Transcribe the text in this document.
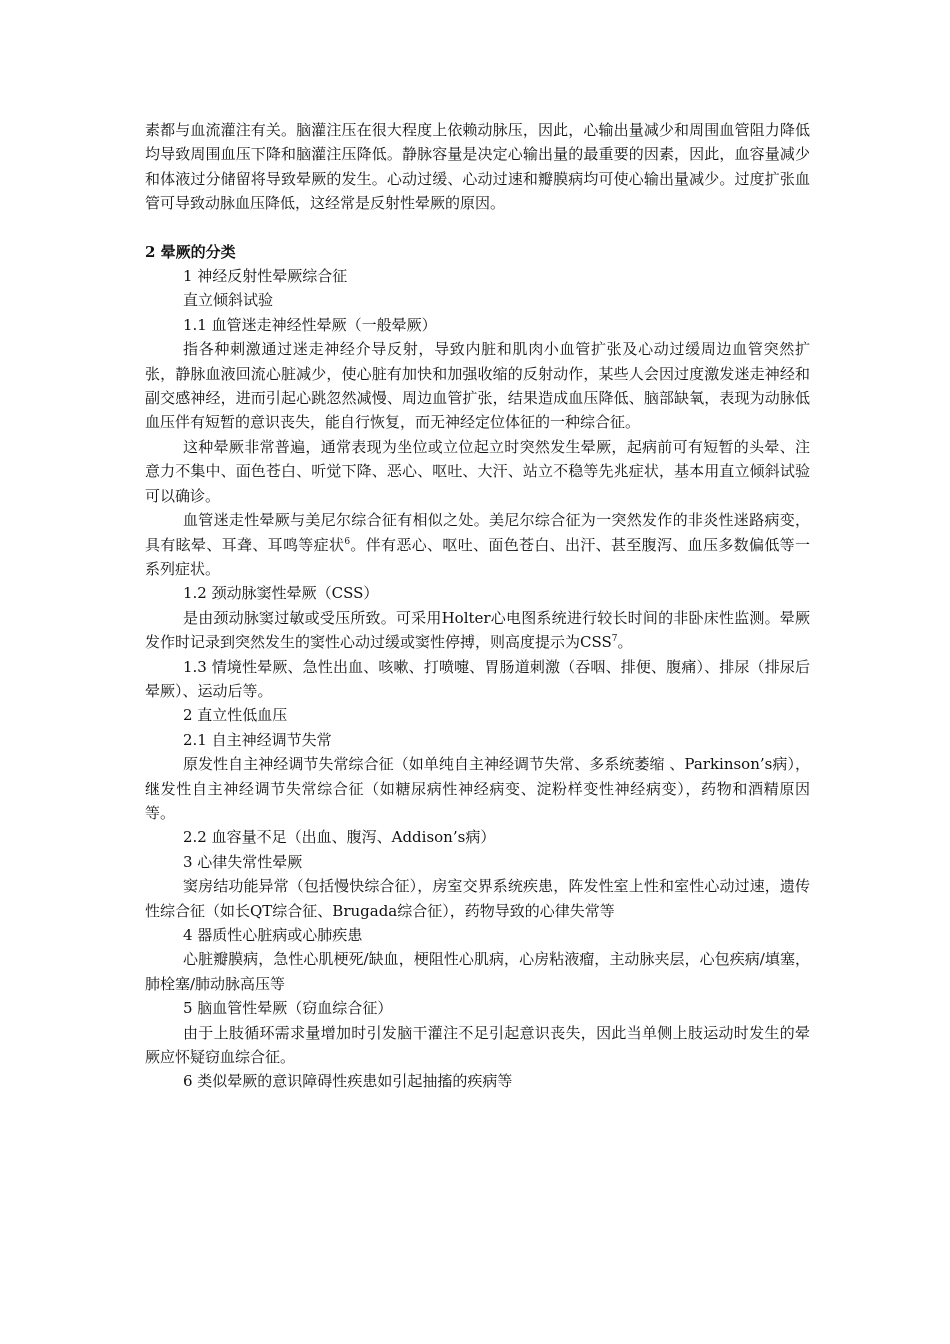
素都与血流灌注有关。脑灌注压在很大程度上依赖动脉压，因此，心输出量减少和周围血管阻力降低均导致周围血压下降和脑灌注压降低。静脉容量是决定心输出量的最重要的因素，因此，血容量减少和体液过分储留将导致晕厥的发生。心动过缓、心动过速和瓣膜病均可使心输出量减少。过度扩张血管可导致动脉血压降低，这经常是反射性晕厥的原因。

2 晕厥的分类

1 神经反射性晕厥综合征

直立倾斜试验

1.1 血管迷走神经性晕厥（一般晕厥）

指各种刺激通过迷走神经介导反射，导致内脏和肌肉小血管扩张及心动过缓周边血管突然扩张，静脉血液回流心脏减少，使心脏有加快和加强收缩的反射动作，某些人会因过度激发迷走神经和副交感神经，进而引起心跳忽然减慢、周边血管扩张，结果造成血压降低、脑部缺氧，表现为动脉低血压伴有短暂的意识丧失，能自行恢复，而无神经定位体征的一种综合征。

这种晕厥非常普遍，通常表现为坐位或立位起立时突然发生晕厥，起病前可有短暂的头晕、注意力不集中、面色苍白、听觉下降、恶心、呕吐、大汗、站立不稳等先兆症状，基本用直立倾斜试验可以确诊。

血管迷走性晕厥与美尼尔综合征有相似之处。美尼尔综合征为一突然发作的非炎性迷路病变，具有眩晕、耳聋、耳鸣等症状$^6$。伴有恶心、呕吐、面色苍白、出汗、甚至腹泻、血压多数偏低等一系列症状。

1.2 颈动脉窦性晕厥（CSS）

是由颈动脉窦过敏或受压所致。可采用Holter心电图系统进行较长时间的非卧床性监测。晕厥发作时记录到突然发生的窦性心动过缓或窦性停搏，则高度提示为CSS$^7$。

1.3 情境性晕厥、急性出血、咳嗽、打喷嚏、胃肠道刺激（吞咽、排便、腹痛）、排尿（排尿后晕厥）、运动后等。

2 直立性低血压

2.1 自主神经调节失常

原发性自主神经调节失常综合征（如单纯自主神经调节失常、多系统萎缩 、Parkinson’s病），继发性自主神经调节失常综合征（如糖尿病性神经病变、淀粉样变性神经病变），药物和酒精原因等。

2.2 血容量不足（出血、腹泻、Addison’s病）

3 心律失常性晕厥

窦房结功能异常（包括慢快综合征），房室交界系统疾患，阵发性室上性和室性心动过速，遗传性综合征（如长QT综合征、Brugada综合征），药物导致的心律失常等

4 器质性心脏病或心肺疾患

心脏瓣膜病，急性心肌梗死/缺血，梗阻性心肌病，心房粘液瘤，主动脉夹层，心包疾病/填塞，肺栓塞/肺动脉高压等

5 脑血管性晕厥（窃血综合征）

由于上肢循环需求量增加时引发脑干灌注不足引起意识丧失，因此当单侧上肢运动时发生的晕厥应怀疑窃血综合征。

6 类似晕厥的意识障碍性疾患如引起抽搐的疾病等
